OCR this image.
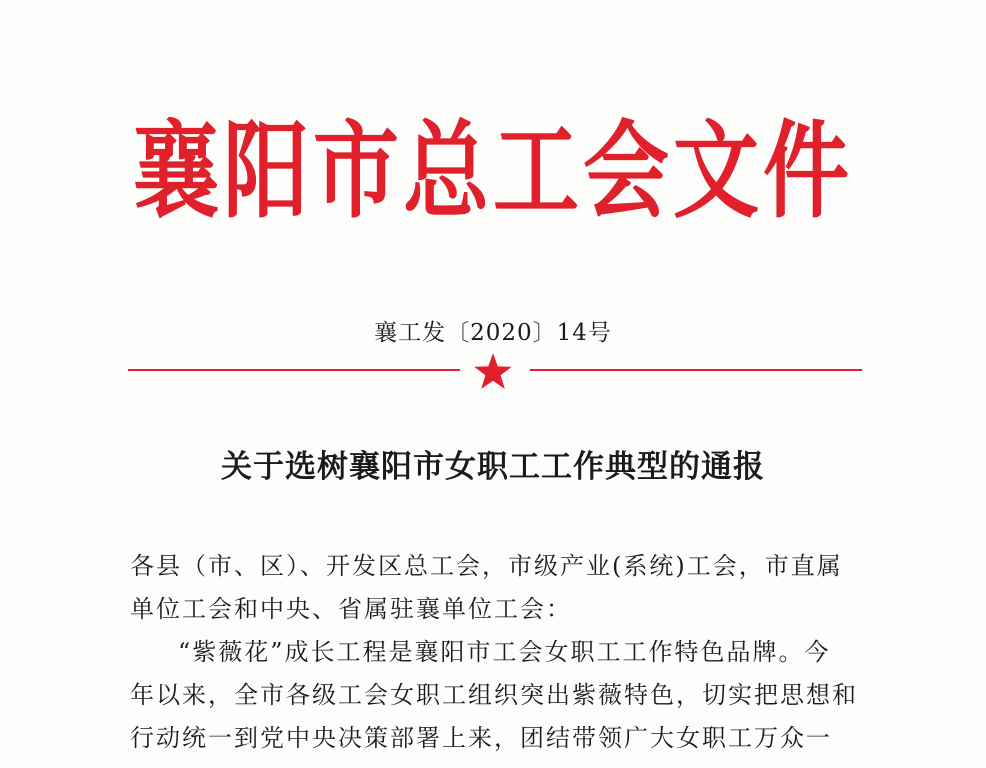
襄阳市总工会文件
襄工发〔2020〕14号
关于选树襄阳市女职工工作典型的通报
各县（市、区）、开发区总工会，市级产业(系统)工会，市直属
单位工会和中央、省属驻襄单位工会：
“紫薇花”成长工程是襄阳市工会女职工工作特色品牌。今
年以来，全市各级工会女职工组织突出紫薇特色，切实把思想和
行动统一到党中央决策部署上来，团结带领广大女职工万众一
